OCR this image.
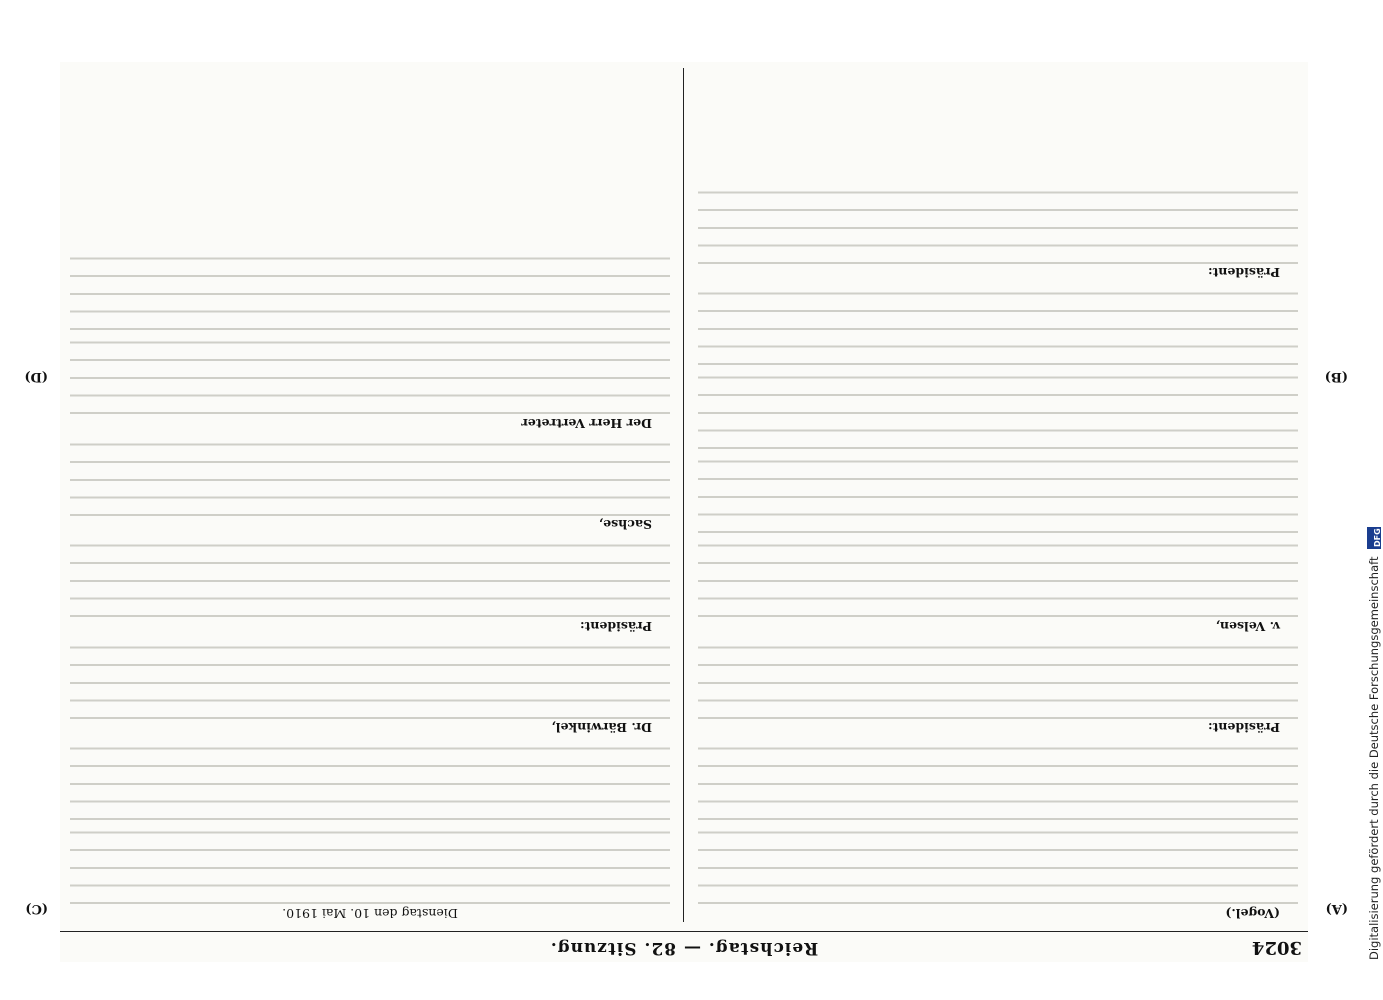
3024
Reichstag. — 82. Sitzung.
(A)
(B)
(C)
(D)

(Vogel.)

Präsident:

v. Velsen,

Präsident:

Dienstag den 10. Mai 1910.

Dr. Bärwinkel,

Präsident:

Sachse,

Der Herr Vertreter

Digitalisierung gefördert durch die Deutsche Forschungsgemeinschaft
DFG
